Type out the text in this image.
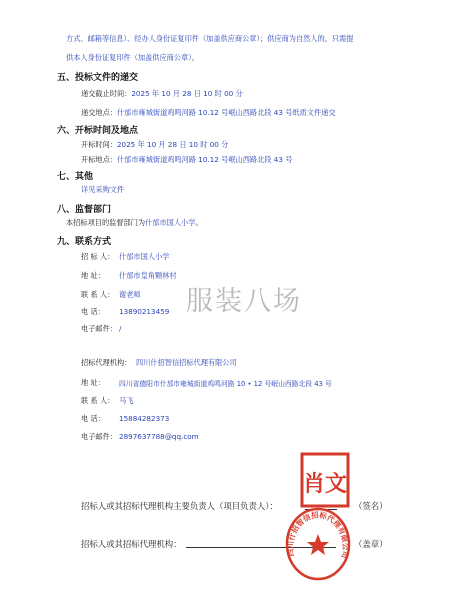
方式、邮箱等信息）、经办人身份证复印件（加盖供应商公章）；供应商为自然人的，只需提
供本人身份证复印件（加盖供应商公章）。
五、投标文件的递交
递交截止时间：2025 年 10 月 28 日 10 时 00 分
递交地点：什邡市雍城街道鸡鸣河路 10.12 号岷山西路北段 43 号纸质文件递交
六、开标时间及地点
开标时间：2025 年 10 月 28 日 10 时 00 分
开标地点：什邡市雍城街道鸡鸣河路 10.12 号岷山西路北段 43 号
七、其他
详见采购文件
八、监督部门
本招标项目的监督部门为什邡市国人小学。
九、联系方式
招 标 人： 什邡市国人小学
地 址： 什邡市皇角颗林村
联 系 人： 谢老师
电 话： 13890213459
电子邮件： /
服装八场
招标代理机构： 四川什招智信招标代理有限公司
地 址： 四川省德阳市什邡市雍城街道鸡鸣河路 10 • 12 号岷山西路北段 43 号
联 系 人： 马飞
电 话： 15884282373
电子邮件： 2897637788@qq.com
招标人或其招标代理机构主要负责人（项目负责人）：	（签名）
招标人或其招标代理机构：	（盖章）
肖文
四川什招智信招标代理有限公司
